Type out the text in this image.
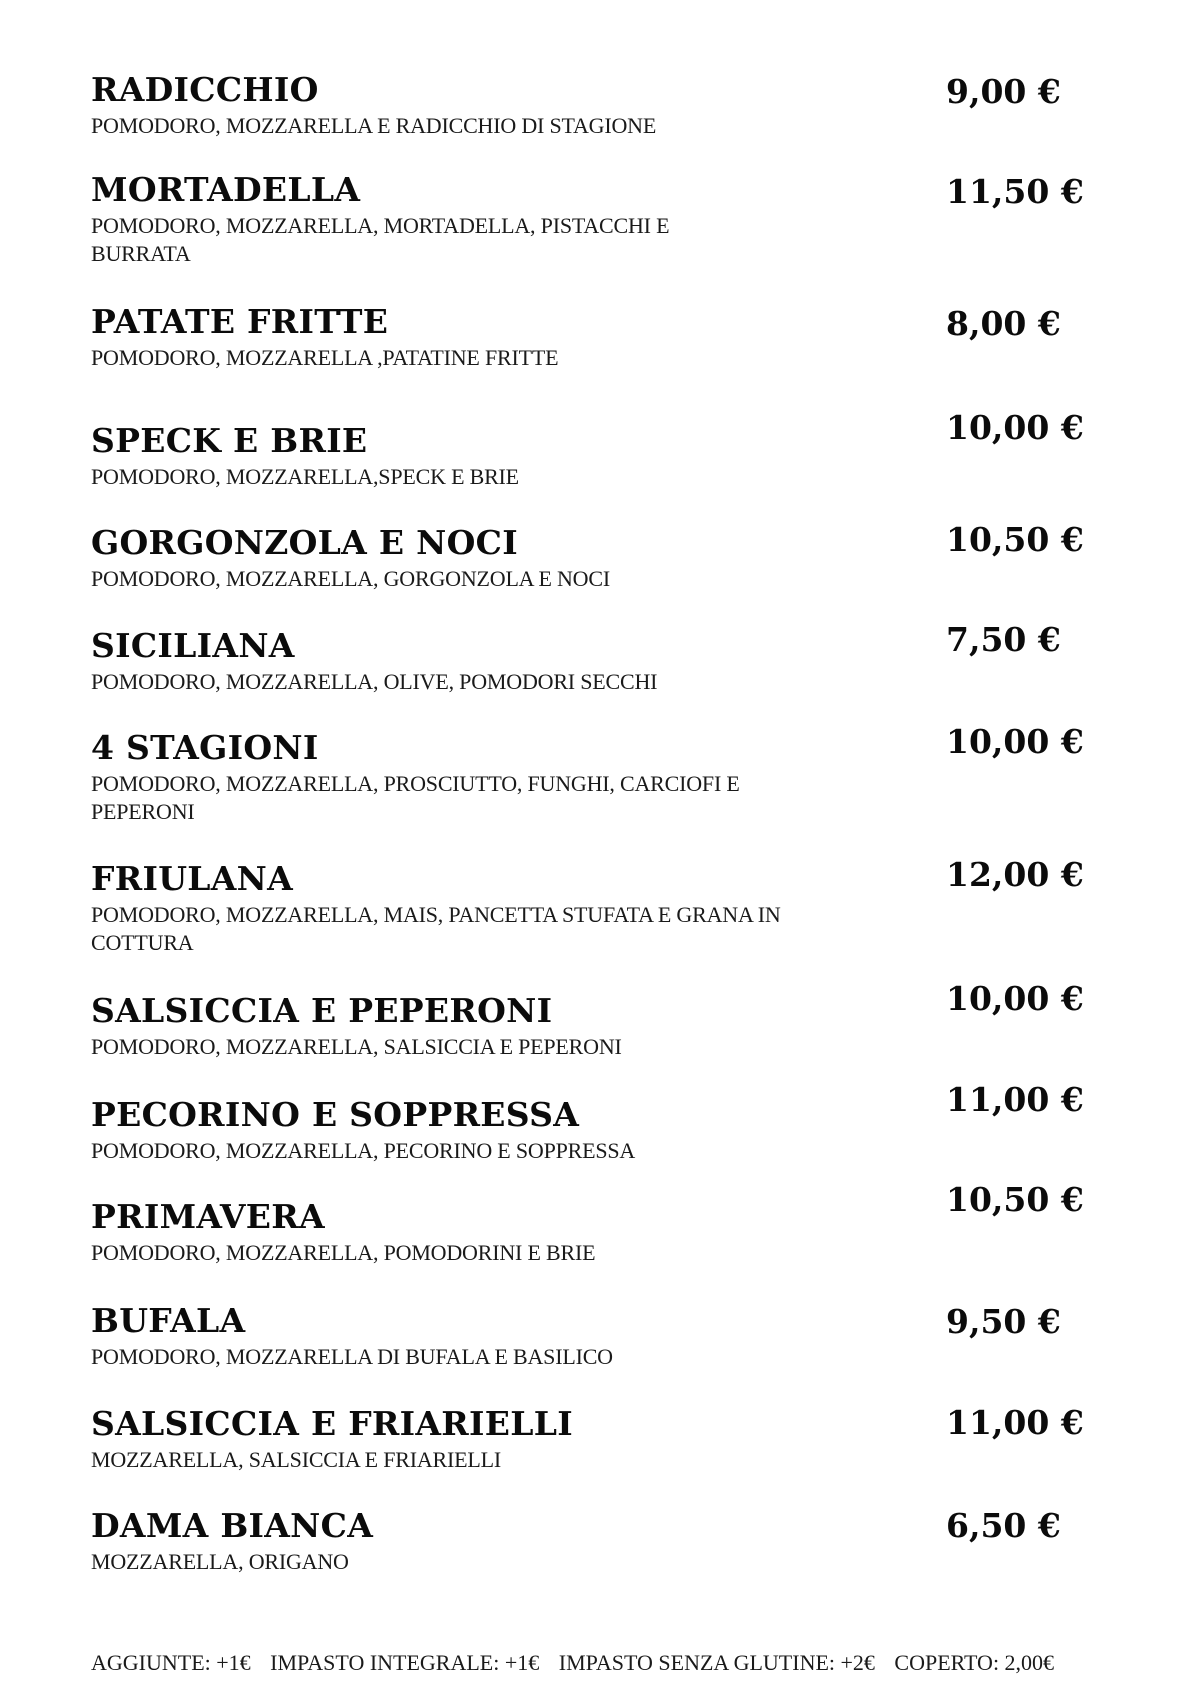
RADICCHIO
POMODORO, MOZZARELLA E RADICCHIO DI STAGIONE
9,00 €
MORTADELLA
POMODORO, MOZZARELLA, MORTADELLA, PISTACCHI E BURRATA
11,50 €
PATATE FRITTE
POMODORO, MOZZARELLA ,PATATINE FRITTE
8,00 €
SPECK E BRIE
POMODORO, MOZZARELLA,SPECK E BRIE
10,00 €
GORGONZOLA E NOCI
POMODORO, MOZZARELLA, GORGONZOLA E NOCI
10,50 €
SICILIANA
POMODORO, MOZZARELLA, OLIVE, POMODORI SECCHI
7,50 €
4 STAGIONI
POMODORO, MOZZARELLA, PROSCIUTTO, FUNGHI, CARCIOFI E PEPERONI
10,00 €
FRIULANA
POMODORO, MOZZARELLA, MAIS, PANCETTA STUFATA E GRANA IN COTTURA
12,00 €
SALSICCIA E PEPERONI
POMODORO, MOZZARELLA, SALSICCIA E PEPERONI
10,00 €
PECORINO E SOPPRESSA
POMODORO, MOZZARELLA, PECORINO E SOPPRESSA
11,00 €
PRIMAVERA
POMODORO, MOZZARELLA, POMODORINI E BRIE
10,50 €
BUFALA
POMODORO, MOZZARELLA DI BUFALA E BASILICO
9,50 €
SALSICCIA E FRIARIELLI
MOZZARELLA, SALSICCIA E FRIARIELLI
11,00 €
DAMA BIANCA
MOZZARELLA, ORIGANO
6,50 €
AGGIUNTE: +1€ IMPASTO INTEGRALE: +1€ IMPASTO SENZA GLUTINE: +2€ COPERTO: 2,00€
